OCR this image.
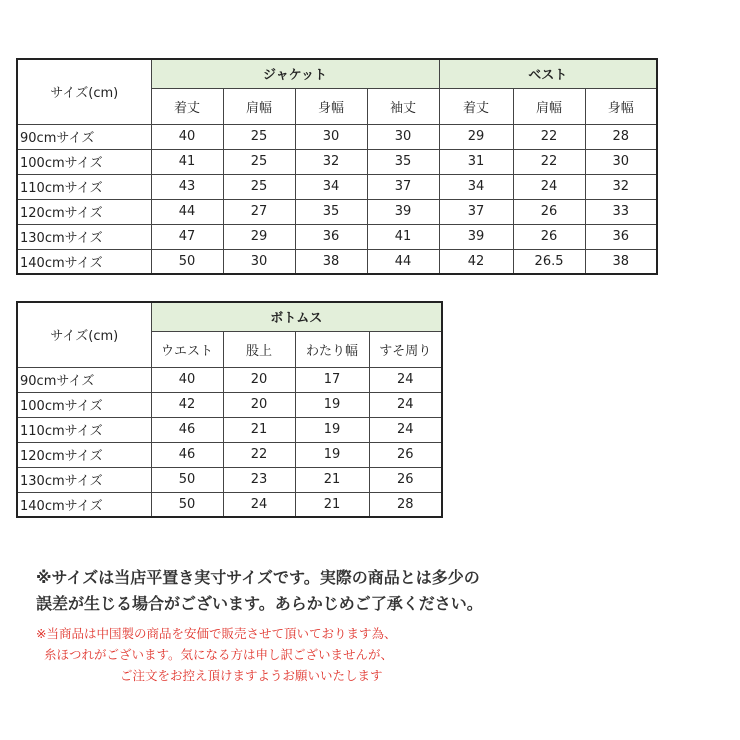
サイズ(cm)	ジャケット				ベスト		
	着丈	肩幅	身幅	袖丈	着丈	肩幅	身幅
90cmサイズ	40	25	30	30	29	22	28
100cmサイズ	41	25	32	35	31	22	30
110cmサイズ	43	25	34	37	34	24	32
120cmサイズ	44	27	35	39	37	26	33
130cmサイズ	47	29	36	41	39	26	36
140cmサイズ	50	30	38	44	42	26.5	38
サイズ(cm)	ボトムス			
	ウエスト	股上	わたり幅	すそ周り
90cmサイズ	40	20	17	24
100cmサイズ	42	20	19	24
110cmサイズ	46	21	19	24
120cmサイズ	46	22	19	26
130cmサイズ	50	23	21	26
140cmサイズ	50	24	21	28
※サイズは当店平置き実寸サイズです。実際の商品とは多少の
誤差が生じる場合がございます。あらかじめご了承ください。
※当商品は中国製の商品を安価で販売させて頂いております為、
糸ほつれがございます。気になる方は申し訳ございませんが、
ご注文をお控え頂けますようお願いいたします
